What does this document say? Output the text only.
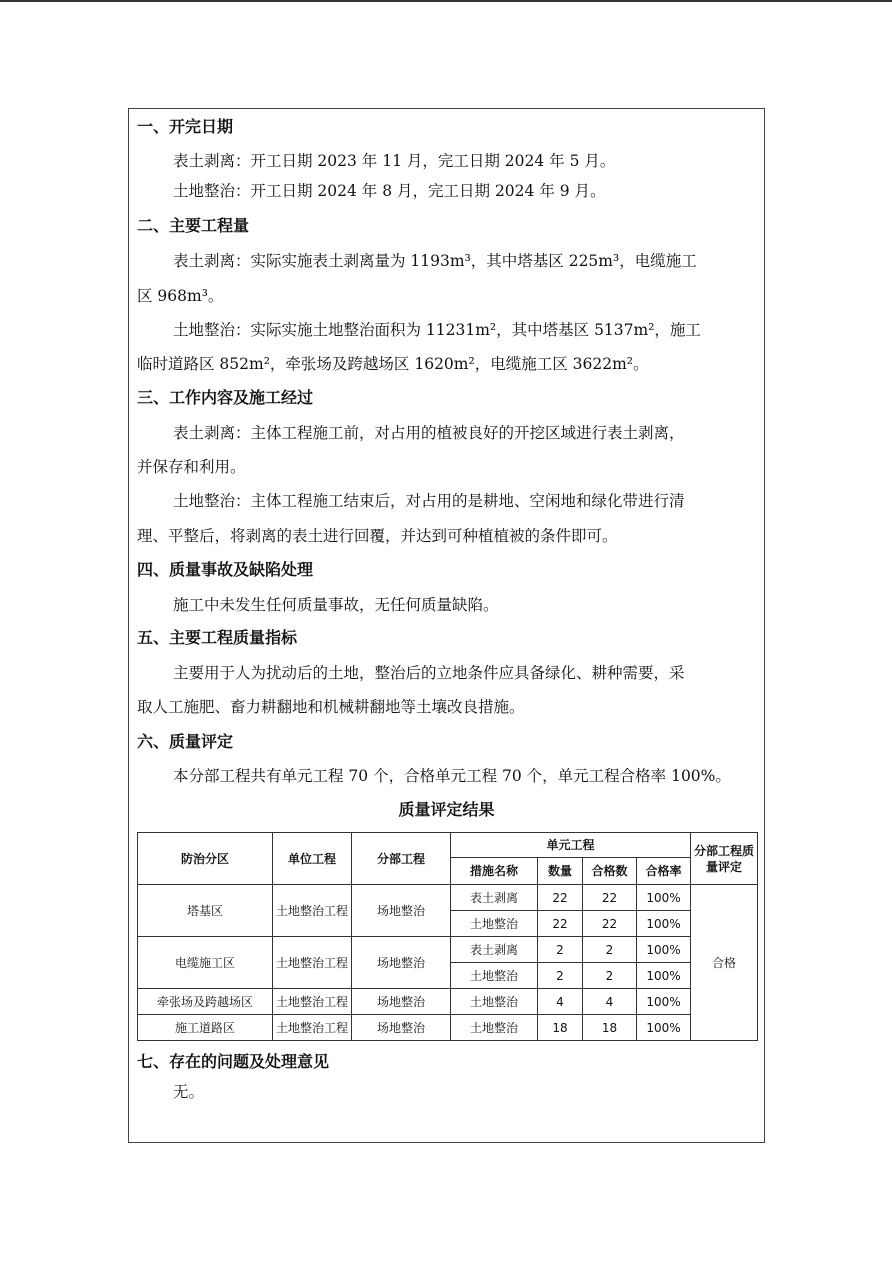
一、开完日期
表土剥离：开工日期 2023 年 11 月，完工日期 2024 年 5 月。
土地整治：开工日期 2024 年 8 月，完工日期 2024 年 9 月。
二、主要工程量
表土剥离：实际实施表土剥离量为 1193m³，其中塔基区 225m³，电缆施工
区 968m³。
土地整治：实际实施土地整治面积为 11231m²，其中塔基区 5137m²，施工
临时道路区 852m²，牵张场及跨越场区 1620m²，电缆施工区 3622m²。
三、工作内容及施工经过
表土剥离：主体工程施工前，对占用的植被良好的开挖区域进行表土剥离，
并保存和利用。
土地整治：主体工程施工结束后，对占用的是耕地、空闲地和绿化带进行清
理、平整后，将剥离的表土进行回覆，并达到可种植植被的条件即可。
四、质量事故及缺陷处理
施工中未发生任何质量事故，无任何质量缺陷。
五、主要工程质量指标
主要用于人为扰动后的土地，整治后的立地条件应具备绿化、耕种需要，采
取人工施肥、畜力耕翻地和机械耕翻地等土壤改良措施。
六、质量评定
本分部工程共有单元工程 70 个，合格单元工程 70 个，单元工程合格率 100%。
质量评定结果
防治分区	单位工程	分部工程	单元工程				分部工程质量评定
			措施名称	数量	合格数	合格率	
塔基区	土地整治工程	场地整治	表土剥离	22	22	100%	合格
			土地整治	22	22	100%	
电缆施工区	土地整治工程	场地整治	表土剥离	2	2	100%	
			土地整治	2	2	100%	
牵张场及跨越场区	土地整治工程	场地整治	土地整治	4	4	100%	
施工道路区	土地整治工程	场地整治	土地整治	18	18	100%	
七、存在的问题及处理意见
无。
